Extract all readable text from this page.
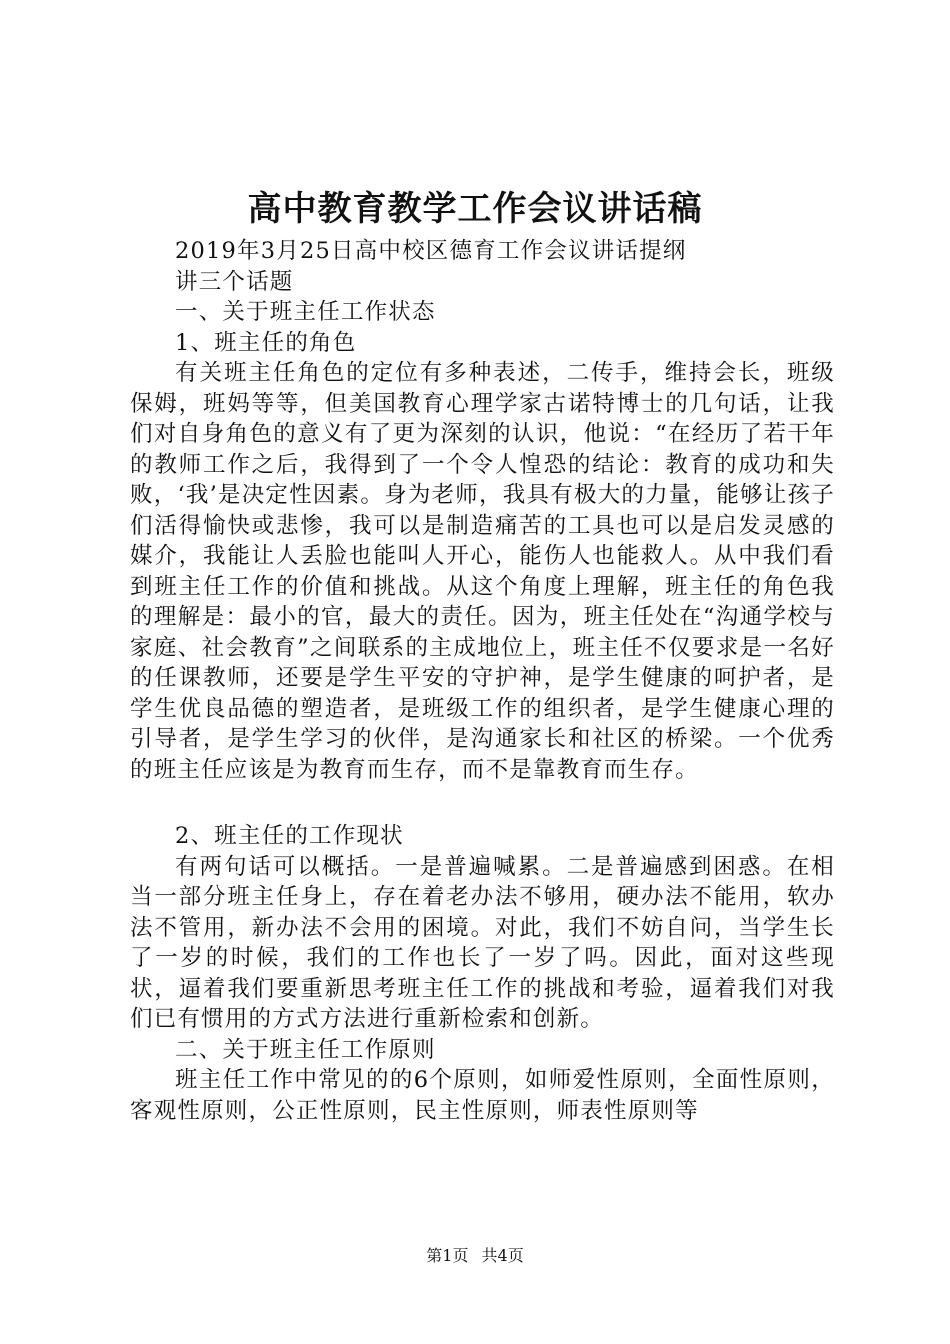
高中教育教学工作会议讲话稿

2019年3月25日高中校区德育工作会议讲话提纲

讲三个话题

一、关于班主任工作状态

1、班主任的角色

有关班主任角色的定位有多种表述，二传手，维持会长，班级保姆，班妈等等，但美国教育心理学家古诺特博士的几句话，让我们对自身角色的意义有了更为深刻的认识，他说：“在经历了若干年的教师工作之后，我得到了一个令人惶恐的结论：教育的成功和失败，‘我’是决定性因素。身为老师，我具有极大的力量，能够让孩子们活得愉快或悲惨，我可以是制造痛苦的工具也可以是启发灵感的媒介，我能让人丢脸也能叫人开心，能伤人也能救人。从中我们看到班主任工作的价值和挑战。从这个角度上理解，班主任的角色我的理解是：最小的官，最大的责任。因为，班主任处在“沟通学校与家庭、社会教育”之间联系的主成地位上，班主任不仅要求是一名好的任课教师，还要是学生平安的守护神，是学生健康的呵护者，是学生优良品德的塑造者，是班级工作的组织者，是学生健康心理的引导者，是学生学习的伙伴，是沟通家长和社区的桥梁。一个优秀的班主任应该是为教育而生存，而不是靠教育而生存。

2、班主任的工作现状

有两句话可以概括。一是普遍喊累。二是普遍感到困惑。在相当一部分班主任身上，存在着老办法不够用，硬办法不能用，软办法不管用，新办法不会用的困境。对此，我们不妨自问，当学生长了一岁的时候，我们的工作也长了一岁了吗。因此，面对这些现状，逼着我们要重新思考班主任工作的挑战和考验，逼着我们对我们已有惯用的方式方法进行重新检索和创新。

二、关于班主任工作原则

班主任工作中常见的的6个原则，如师爱性原则，全面性原则，客观性原则，公正性原则，民主性原则，师表性原则等

第1页 共4页
